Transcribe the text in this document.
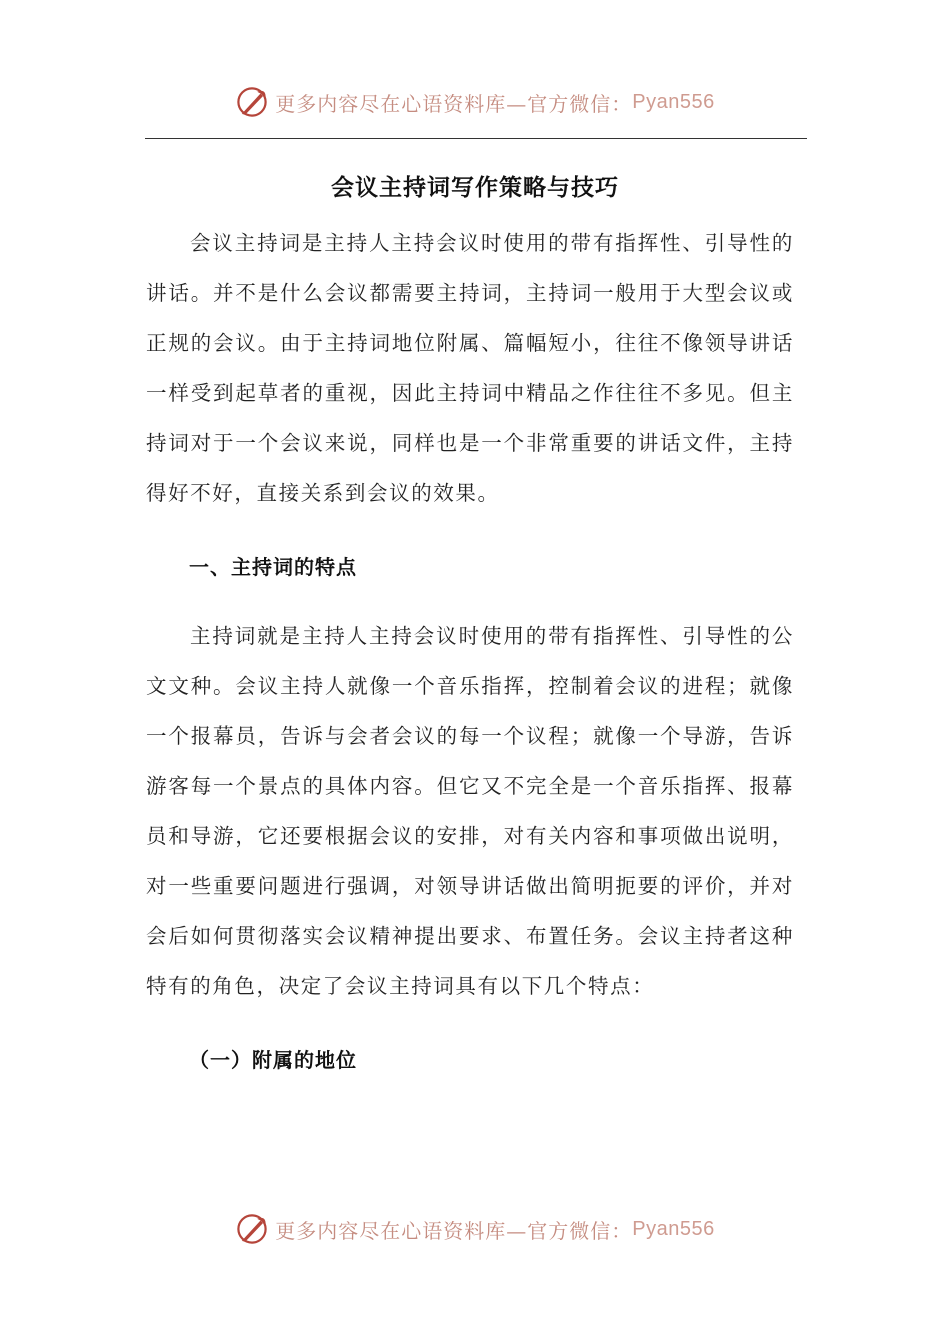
更多内容尽在心语资料库—官方微信： Pyan556
会议主持词写作策略与技巧

会议主持词是主持人主持会议时使用的带有指挥性、引导性的讲话。并不是什么会议都需要主持词，主持词一般用于大型会议或正规的会议。由于主持词地位附属、篇幅短小，往往不像领导讲话一样受到起草者的重视，因此主持词中精品之作往往不多见。但主持词对于一个会议来说，同样也是一个非常重要的讲话文件，主持得好不好，直接关系到会议的效果。

一、主持词的特点

主持词就是主持人主持会议时使用的带有指挥性、引导性的公文文种。会议主持人就像一个音乐指挥，控制着会议的进程；就像一个报幕员，告诉与会者会议的每一个议程；就像一个导游，告诉游客每一个景点的具体内容。但它又不完全是一个音乐指挥、报幕员和导游，它还要根据会议的安排，对有关内容和事项做出说明，对一些重要问题进行强调，对领导讲话做出简明扼要的评价，并对会后如何贯彻落实会议精神提出要求、布置任务。会议主持者这种特有的角色，决定了会议主持词具有以下几个特点：

（一）附属的地位
更多内容尽在心语资料库—官方微信： Pyan556
